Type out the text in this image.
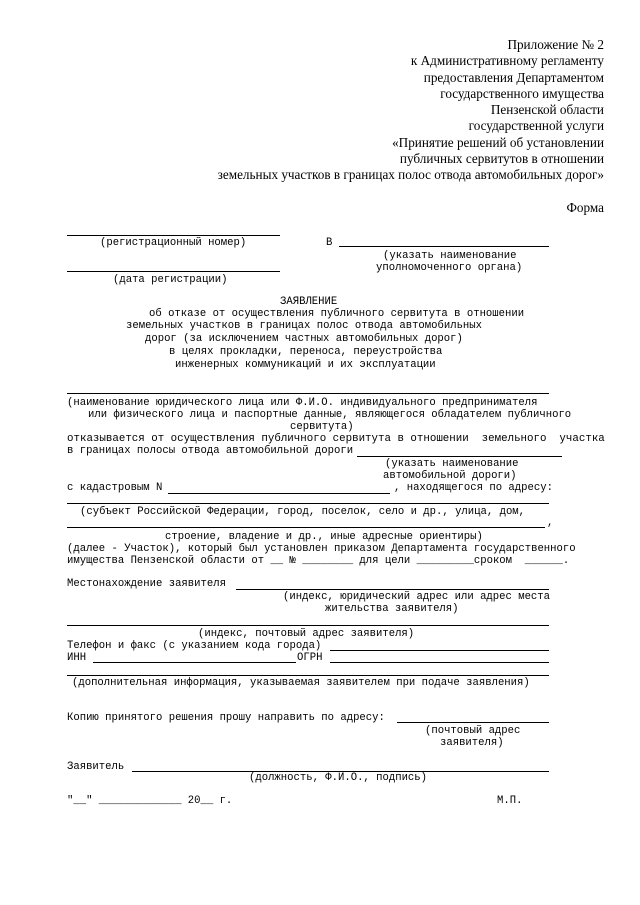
Приложение № 2
к Административному регламенту
предоставления Департаментом
государственного имущества
Пензенской области
государственной услуги
«Принятие решений об установлении
публичных сервитутов в отношении
земельных участков в границах полос отвода автомобильных дорог»
Форма
(регистрационный номер)	В
(указать наименование
уполномоченного органа)
(дата регистрации)
ЗАЯВЛЕНИЕ
об отказе от осуществления публичного сервитута в отношении
земельных участков в границах полос отвода автомобильных
дорог (за исключением частных автомобильных дорог)
в целях прокладки, переноса, переустройства
инженерных коммуникаций и их эксплуатации
(наименование юридического лица или Ф.И.О. индивидуального предпринимателя
или физического лица и паспортные данные, являющегося обладателем публичного
сервитута)
отказывается от осуществления публичного сервитута в отношении  земельного  участка
в границах полосы отвода автомобильной дороги
(указать наименование
автомобильной дороги)
с кадастровым N	, находящегося по адресу:
(субъект Российской Федерации, город, поселок, село и др., улица, дом,
,
строение, владение и др., иные адресные ориентиры)
(далее - Участок), который был установлен приказом Департамента государственного
имущества Пензенской области от __ № ________ для цели _________сроком  ______.
Местонахождение заявителя
(индекс, юридический адрес или адрес места
жительства заявителя)
(индекс, почтовый адрес заявителя)
Телефон и факс (с указанием кода города)
ИНН	ОГРН
(дополнительная информация, указываемая заявителем при подаче заявления)
Копию принятого решения прошу направить по адресу:
(почтовый адрес
заявителя)
Заявитель
(должность, Ф.И.О., подпись)
"__" _____________ 20__ г.	М.П.
